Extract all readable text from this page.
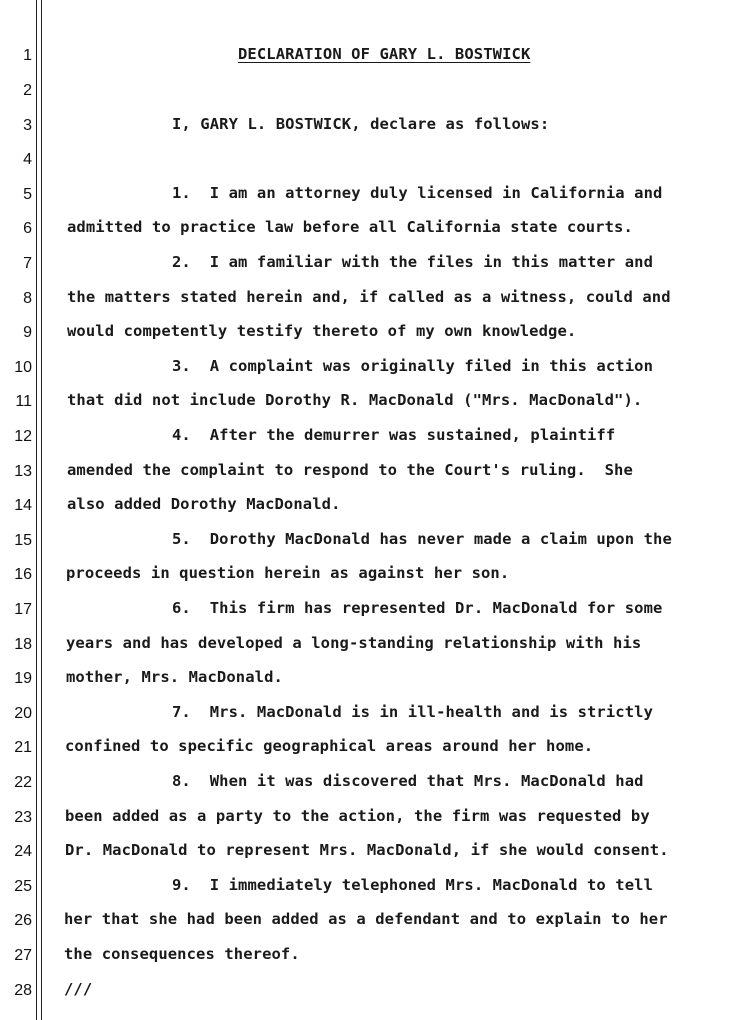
1
2
3
4
5
6
7
8
9
10
11
12
13
14
15
16
17
18
19
20
21
22
23
24
25
26
27
28
DECLARATION OF GARY L. BOSTWICK
I, GARY L. BOSTWICK, declare as follows:
1.  I am an attorney duly licensed in California and
admitted to practice law before all California state courts.
2.  I am familiar with the files in this matter and
the matters stated herein and, if called as a witness, could and
would competently testify thereto of my own knowledge.
3.  A complaint was originally filed in this action
that did not include Dorothy R. MacDonald ("Mrs. MacDonald").
4.  After the demurrer was sustained, plaintiff
amended the complaint to respond to the Court's ruling.  She
also added Dorothy MacDonald.
5.  Dorothy MacDonald has never made a claim upon the
proceeds in question herein as against her son.
6.  This firm has represented Dr. MacDonald for some
years and has developed a long-standing relationship with his
mother, Mrs. MacDonald.
7.  Mrs. MacDonald is in ill-health and is strictly
confined to specific geographical areas around her home.
8.  When it was discovered that Mrs. MacDonald had
been added as a party to the action, the firm was requested by
Dr. MacDonald to represent Mrs. MacDonald, if she would consent.
9.  I immediately telephoned Mrs. MacDonald to tell
her that she had been added as a defendant and to explain to her
the consequences thereof.
///
